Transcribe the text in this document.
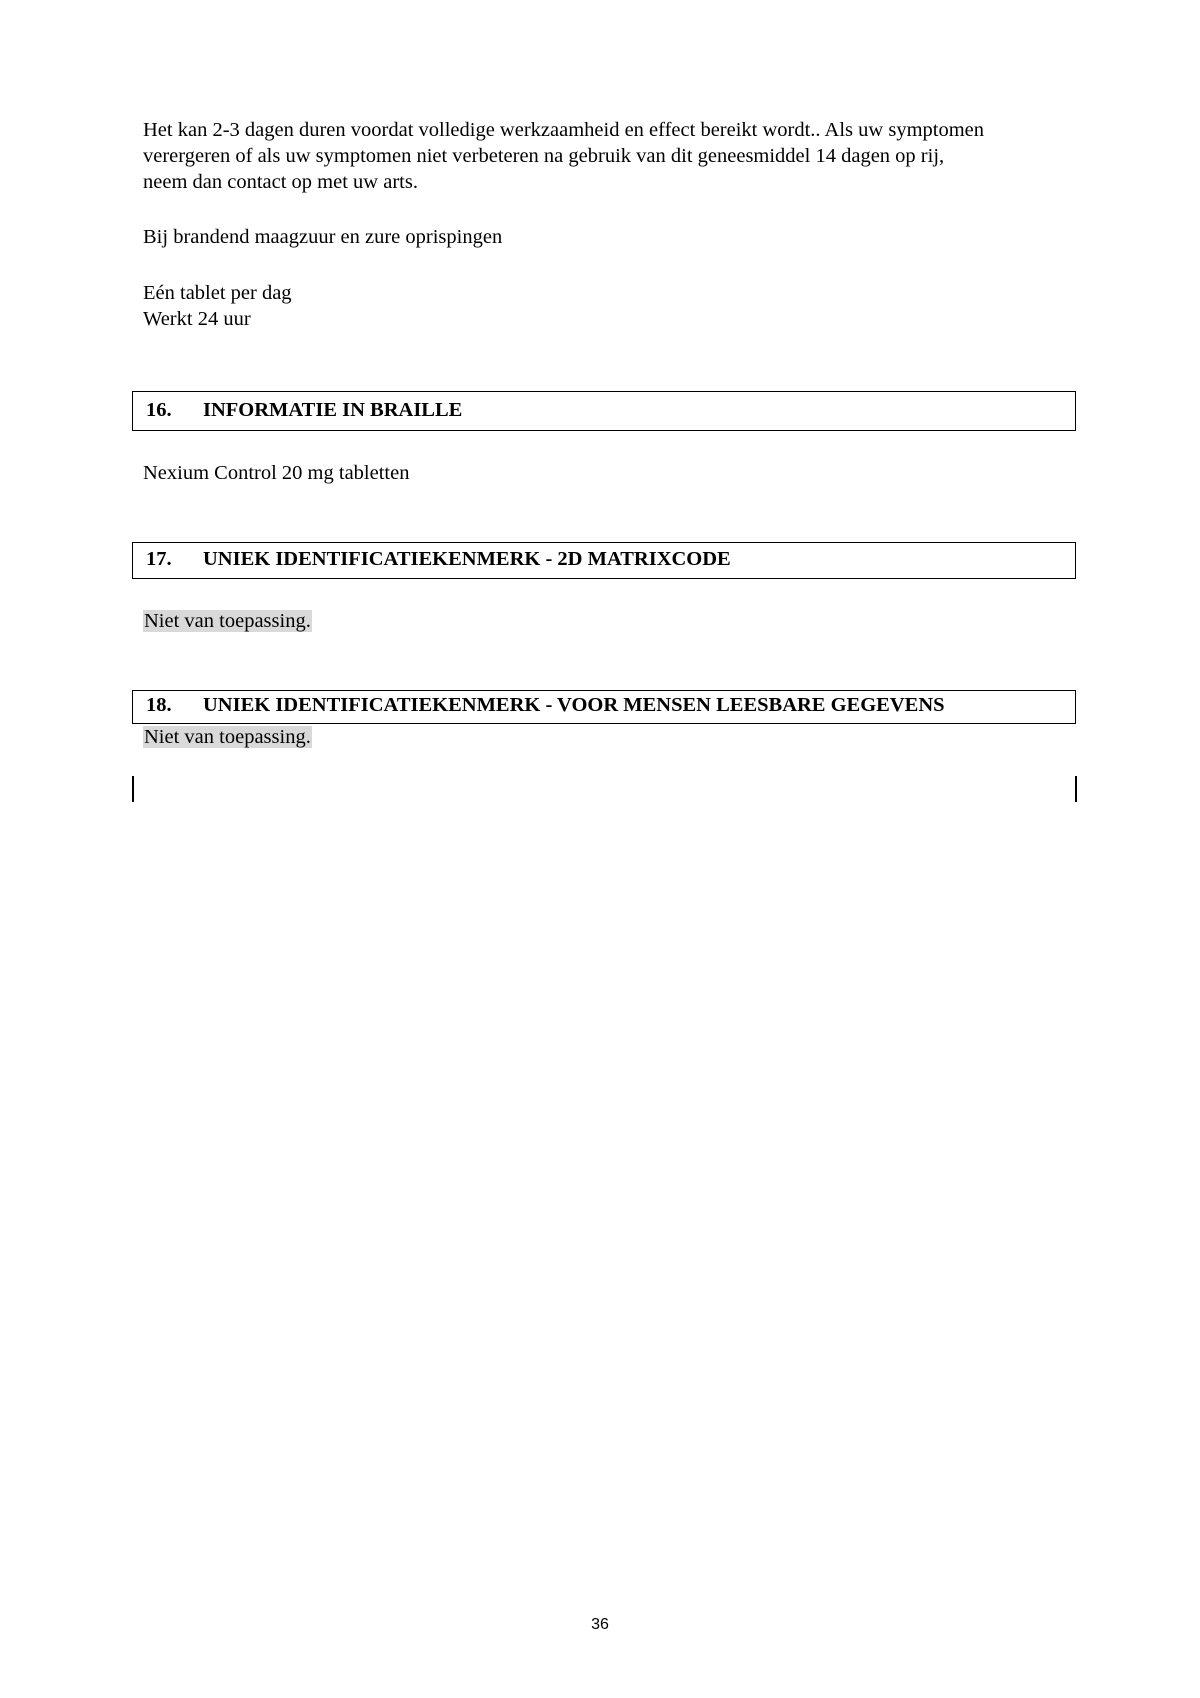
Het kan 2-3 dagen duren voordat volledige werkzaamheid en effect bereikt wordt.. Als uw symptomen

verergeren of als uw symptomen niet verbeteren na gebruik van dit geneesmiddel 14 dagen op rij,

neem dan contact op met uw arts.

Bij brandend maagzuur en zure oprispingen

Eén tablet per dag

Werkt 24 uur

16. INFORMATIE IN BRAILLE
Nexium Control 20 mg tabletten
17. UNIEK IDENTIFICATIEKENMERK - 2D MATRIXCODE
Niet van toepassing.
18. UNIEK IDENTIFICATIEKENMERK - VOOR MENSEN LEESBARE GEGEVENS
Niet van toepassing.
36
